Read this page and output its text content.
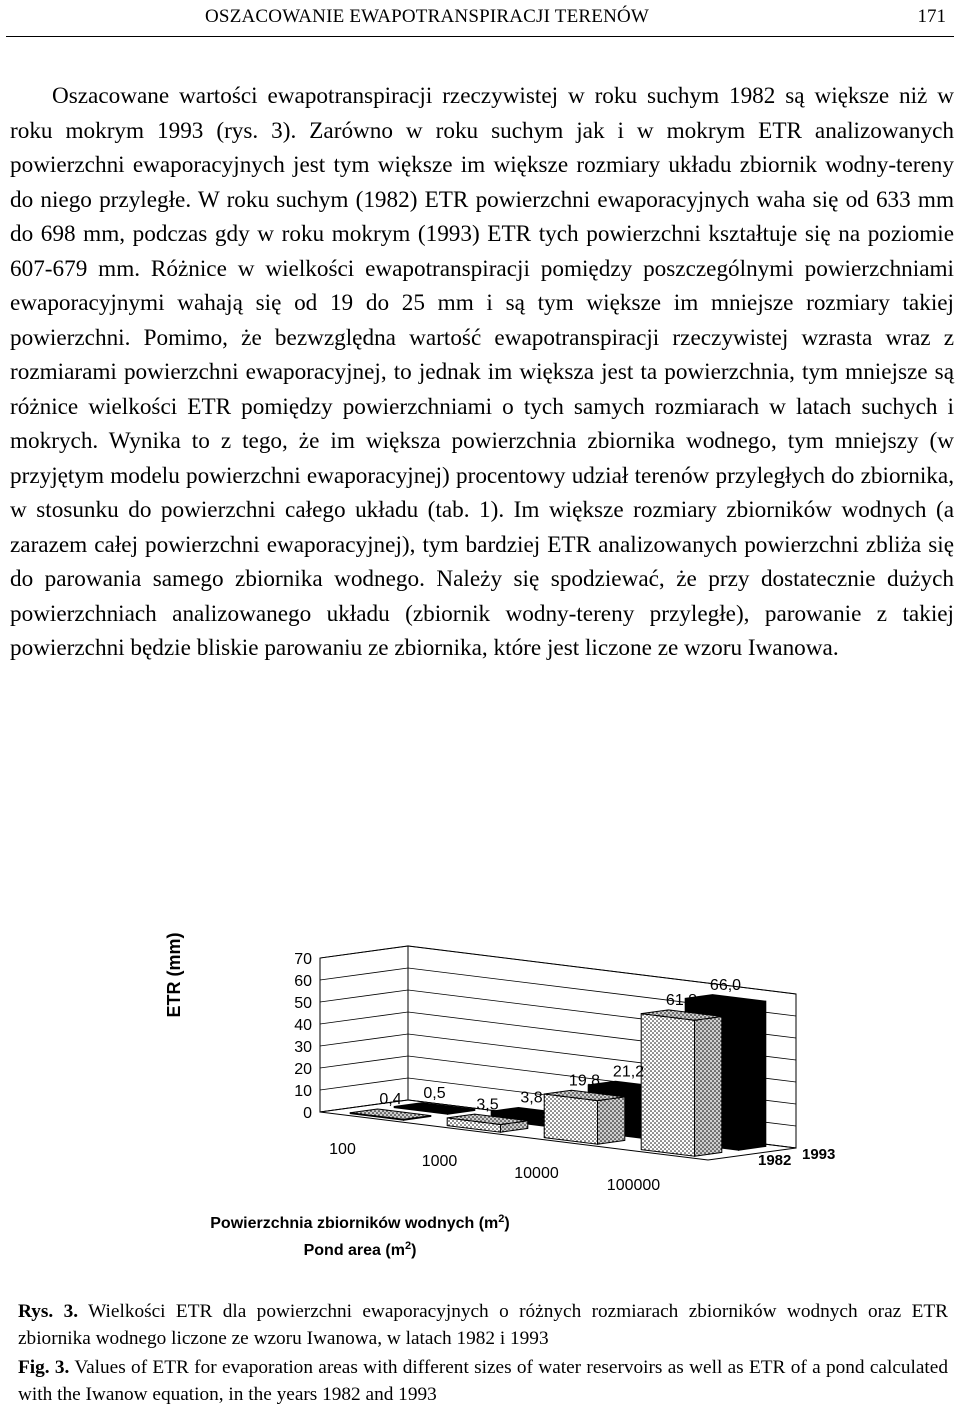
OSZACOWANIE EWAPOTRANSPIRACJI TERENÓW	171

Oszacowane wartości ewapotranspiracji rzeczywistej w roku suchym 1982 są większe niż w roku mokrym 1993 (rys. 3). Zarówno w roku suchym jak i w mokrym ETR analizowanych powierzchni ewaporacyjnych jest tym większe im większe rozmiary układu zbiornik wodny-tereny do niego przyległe. W roku suchym (1982) ETR powierzchni ewaporacyjnych waha się od 633 mm do 698 mm, podczas gdy w roku mokrym (1993) ETR tych powierzchni kształtuje się na poziomie 607-679 mm. Różnice w wielkości ewapotranspiracji pomiędzy poszczególnymi powierzchniami ewaporacyjnymi wahają się od 19 do 25 mm i są tym większe im mniejsze rozmiary takiej powierzchni. Pomimo, że bezwzględna wartość ewapotranspiracji rzeczywistej wzrasta wraz z rozmiarami powierzchni ewaporacyjnej, to jednak im większa jest ta powierzchnia, tym mniejsze są różnice wielkości ETR pomiędzy powierzchniami o tych samych rozmiarach w latach suchych i mokrych. Wynika to z tego, że im większa powierzchnia zbiornika wodnego, tym mniejszy (w przyjętym modelu powierzchni ewaporacyjnej) procentowy udział terenów przyległych do zbiornika, w stosunku do powierzchni całego układu (tab. 1). Im większe rozmiary zbiorników wodnych (a zarazem całej powierzchni ewaporacyjnej), tym bardziej ETR analizowanych powierzchni zbliża się do parowania samego zbiornika wodnego. Należy się spodziewać, że przy dostatecznie dużych powierzchniach analizowanego układu (zbiornik wodny-tereny przyległe), parowanie z takiej powierzchni będzie bliskie parowaniu ze zbiornika, które jest liczone ze wzoru Iwanowa.

0
10
20
30
40
50
60
70
0,5	3,8
21,2
66,0
0,4	3,5
19,8
61,8
100
1000
10000
100000
1993
1982
ETR (mm)
Powierzchnia zbiorników wodnych $(m^2)$
Pond area $(m^2)$

Rys. 3. Wielkości ETR dla powierzchni ewaporacyjnych o różnych rozmiarach zbiorników wodnych oraz ETR zbiornika wodnego liczone ze wzoru Iwanowa, w latach 1982 i 1993

Fig. 3. Values of ETR for evaporation areas with different sizes of water reservoirs as well as ETR of a pond calculated with the Iwanow equation, in the years 1982 and 1993
